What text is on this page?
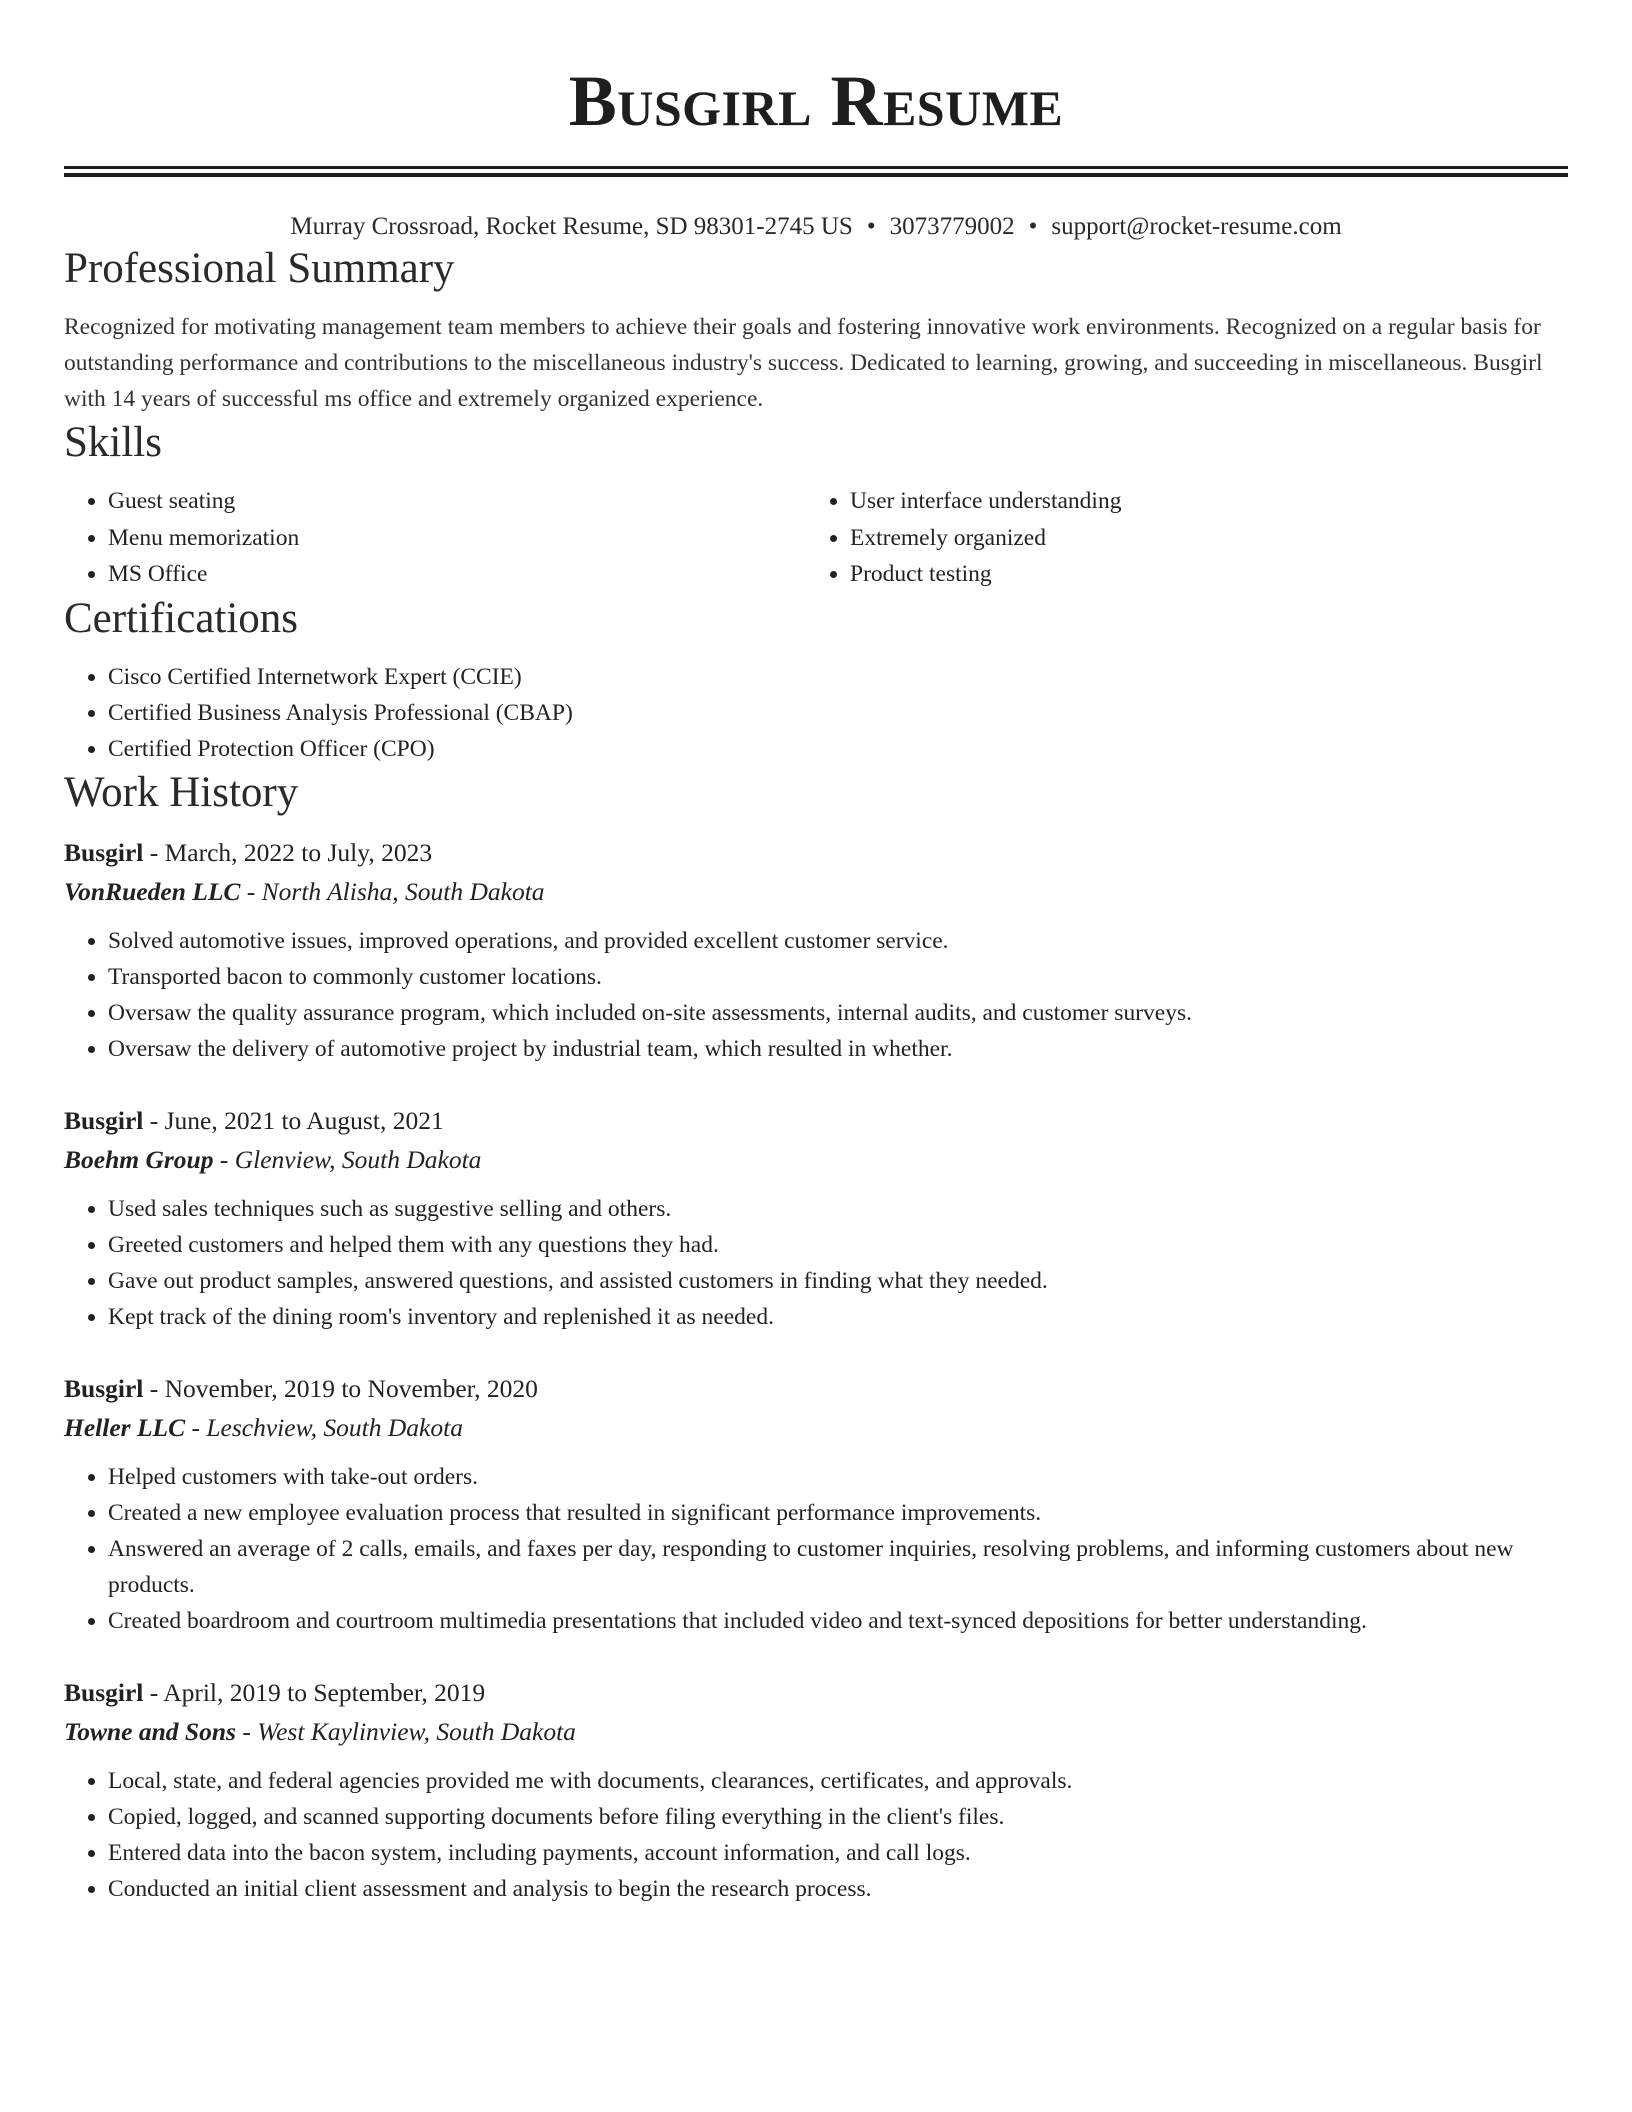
Busgirl Resume
Murray Crossroad, Rocket Resume, SD 98301-2745 US • 3073779002 • support@rocket-resume.com
Professional Summary
Recognized for motivating management team members to achieve their goals and fostering innovative work environments. Recognized on a regular basis for outstanding performance and contributions to the miscellaneous industry's success. Dedicated to learning, growing, and succeeding in miscellaneous. Busgirl with 14 years of successful ms office and extremely organized experience.
Skills
• Guest seating
• Menu memorization
• MS Office
• User interface understanding
• Extremely organized
• Product testing
Certifications
• Cisco Certified Internetwork Expert (CCIE)
• Certified Business Analysis Professional (CBAP)
• Certified Protection Officer (CPO)
Work History
Busgirl - March, 2022 to July, 2023
VonRueden LLC - North Alisha, South Dakota
• Solved automotive issues, improved operations, and provided excellent customer service.
• Transported bacon to commonly customer locations.
• Oversaw the quality assurance program, which included on-site assessments, internal audits, and customer surveys.
• Oversaw the delivery of automotive project by industrial team, which resulted in whether.
Busgirl - June, 2021 to August, 2021
Boehm Group - Glenview, South Dakota
• Used sales techniques such as suggestive selling and others.
• Greeted customers and helped them with any questions they had.
• Gave out product samples, answered questions, and assisted customers in finding what they needed.
• Kept track of the dining room's inventory and replenished it as needed.
Busgirl - November, 2019 to November, 2020
Heller LLC - Leschview, South Dakota
• Helped customers with take-out orders.
• Created a new employee evaluation process that resulted in significant performance improvements.
• Answered an average of 2 calls, emails, and faxes per day, responding to customer inquiries, resolving problems, and informing customers about new products.
• Created boardroom and courtroom multimedia presentations that included video and text-synced depositions for better understanding.
Busgirl - April, 2019 to September, 2019
Towne and Sons - West Kaylinview, South Dakota
• Local, state, and federal agencies provided me with documents, clearances, certificates, and approvals.
• Copied, logged, and scanned supporting documents before filing everything in the client's files.
• Entered data into the bacon system, including payments, account information, and call logs.
• Conducted an initial client assessment and analysis to begin the research process.
